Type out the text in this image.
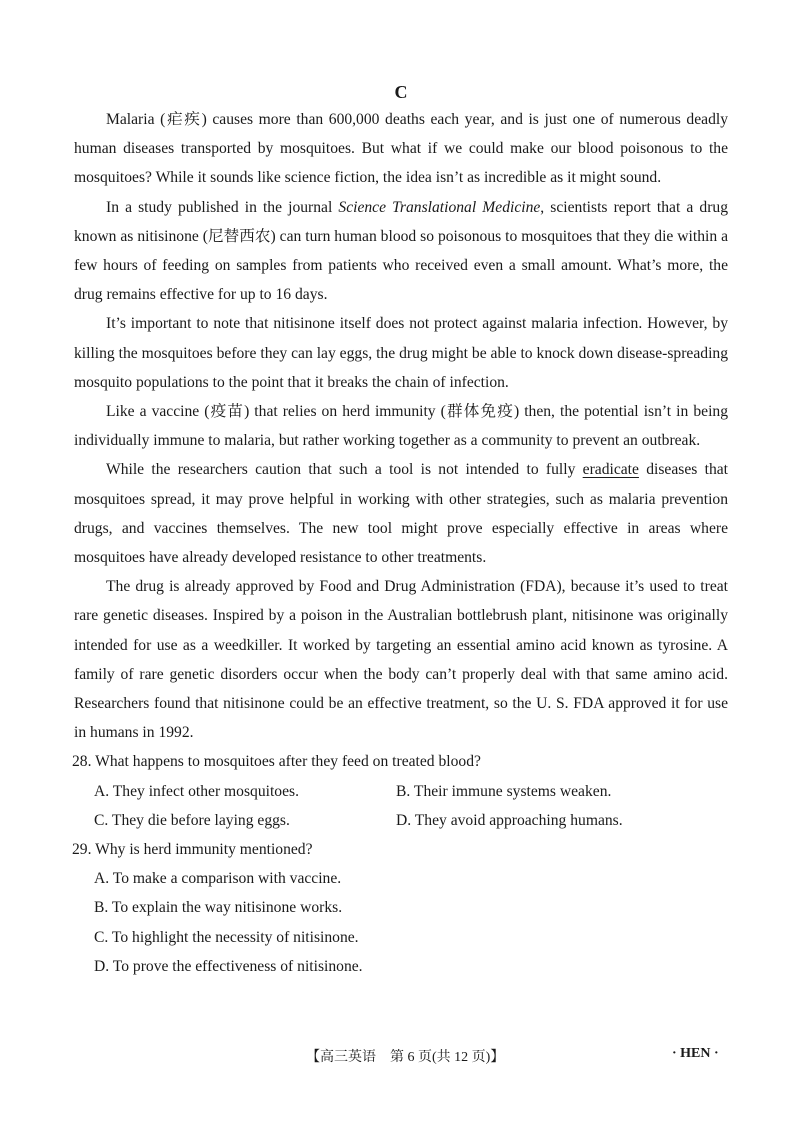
C

Malaria (疟疾) causes more than 600,000 deaths each year, and is just one of numerous deadly human diseases transported by mosquitoes. But what if we could make our blood poisonous to the mosquitoes? While it sounds like science fiction, the idea isn’t as incredible as it might sound.

In a study published in the journal Science Translational Medicine, scientists report that a drug known as nitisinone (尼替西农) can turn human blood so poisonous to mosquitoes that they die within a few hours of feeding on samples from patients who received even a small amount. What’s more, the drug remains effective for up to 16 days.

It’s important to note that nitisinone itself does not protect against malaria infection. However, by killing the mosquitoes before they can lay eggs, the drug might be able to knock down disease-spreading mosquito populations to the point that it breaks the chain of infection.

Like a vaccine (疫苗) that relies on herd immunity (群体免疫) then, the potential isn’t in being individually immune to malaria, but rather working together as a community to prevent an outbreak.

While the researchers caution that such a tool is not intended to fully eradicate diseases that mosquitoes spread, it may prove helpful in working with other strategies, such as malaria prevention drugs, and vaccines themselves. The new tool might prove especially effective in areas where mosquitoes have already developed resistance to other treatments.

The drug is already approved by Food and Drug Administration (FDA), because it’s used to treat rare genetic diseases. Inspired by a poison in the Australian bottlebrush plant, nitisinone was originally intended for use as a weedkiller. It worked by targeting an essential amino acid known as tyrosine. A family of rare genetic disorders occur when the body can’t properly deal with that same amino acid. Researchers found that nitisinone could be an effective treatment, so the U. S. FDA approved it for use in humans in 1992.

28. What happens to mosquitoes after they feed on treated blood?

A. They infect other mosquitoes.	B. Their immune systems weaken.
C. They die before laying eggs.	D. They avoid approaching humans.

29. Why is herd immunity mentioned?

A. To make a comparison with vaccine.
B. To explain the way nitisinone works.
C. To highlight the necessity of nitisinone.
D. To prove the effectiveness of nitisinone.
【高三英语　第 6 页(共 12 页)】	· HEN ·
